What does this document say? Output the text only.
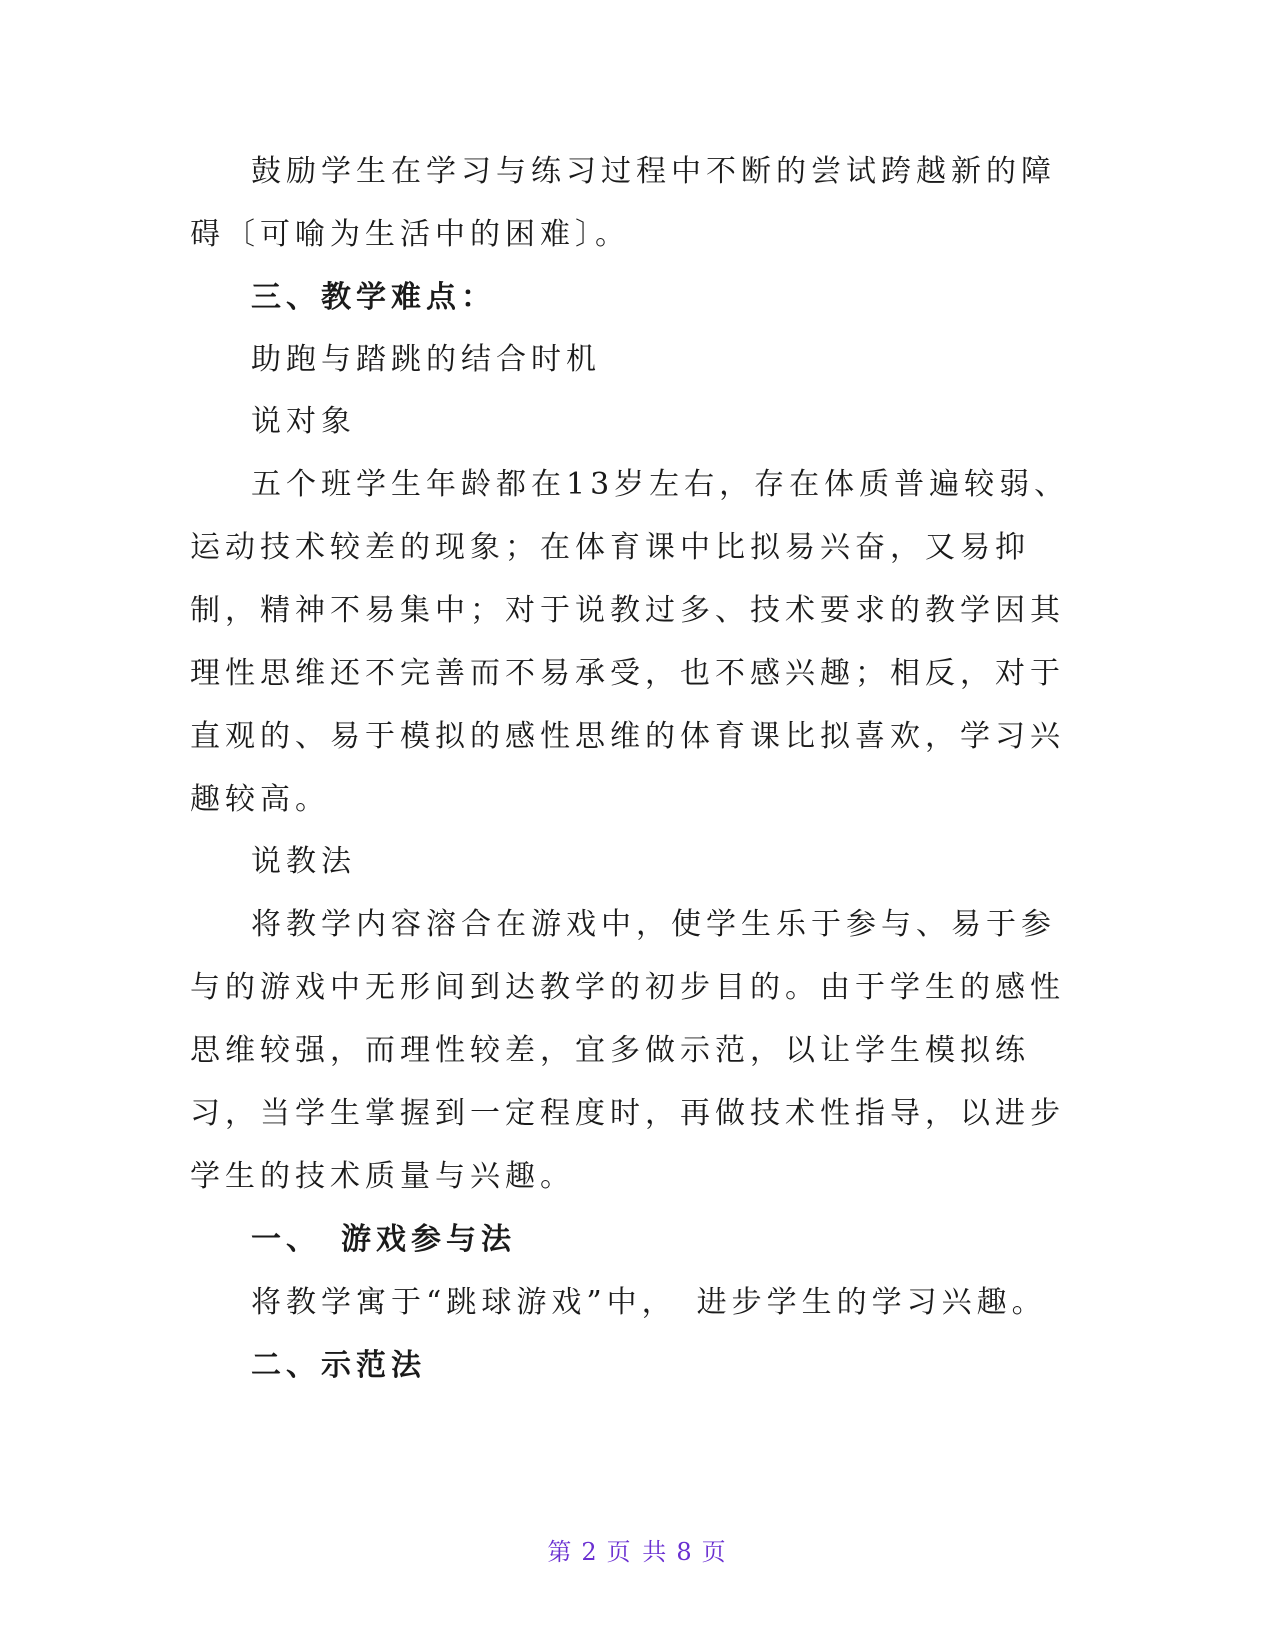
鼓励学生在学习与练习过程中不断的尝试跨越新的障碍〔可喻为生活中的困难〕。

三、教学难点：

助跑与踏跳的结合时机

说对象

五个班学生年龄都在13岁左右，存在体质普遍较弱、运动技术较差的现象；在体育课中比拟易兴奋，又易抑制，精神不易集中；对于说教过多、技术要求的教学因其理性思维还不完善而不易承受，也不感兴趣；相反，对于直观的、易于模拟的感性思维的体育课比拟喜欢，学习兴趣较高。

说教法

将教学内容溶合在游戏中，使学生乐于参与、易于参与的游戏中无形间到达教学的初步目的。由于学生的感性思维较强，而理性较差，宜多做示范，以让学生模拟练习，当学生掌握到一定程度时，再做技术性指导，以进步学生的技术质量与兴趣。

一、　游戏参与法

将教学寓于“跳球游戏”中，　进步学生的学习兴趣。

二、示范法

第 2 页 共 8 页
